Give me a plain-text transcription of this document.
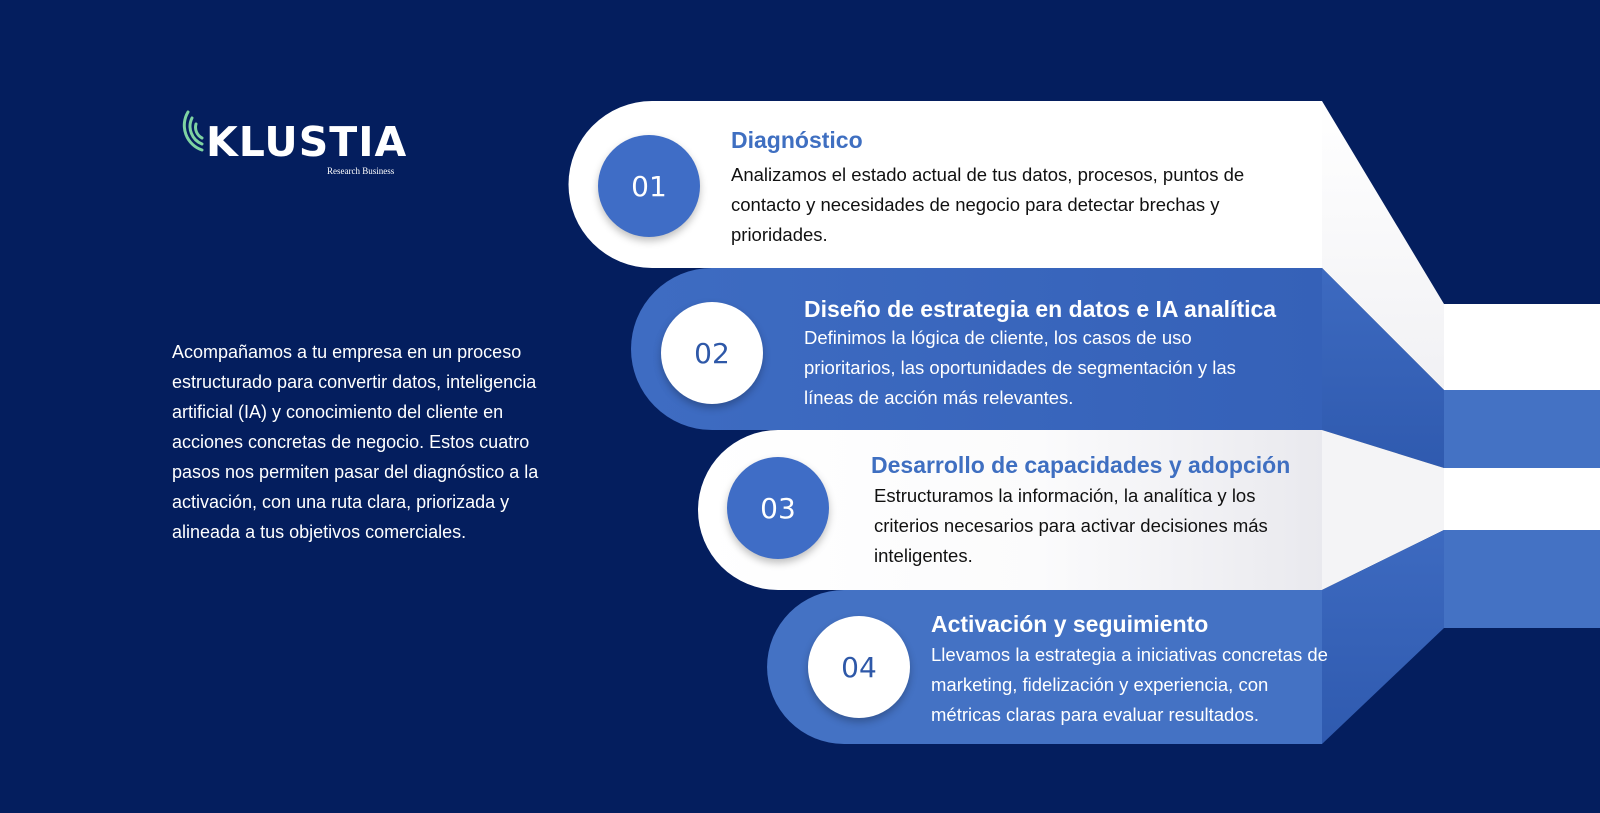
KLUSTIA
Research Business

Acompañamos a tu empresa en un proceso estructurado para convertir datos, inteligencia artificial (IA) y conocimiento del cliente en acciones concretas de negocio. Estos cuatro pasos nos permiten pasar del diagnóstico a la activación, con una ruta clara, priorizada y alineada a tus objetivos comerciales.

01
Diagnóstico
Analizamos el estado actual de tus datos, procesos, puntos de contacto y necesidades de negocio para detectar brechas y prioridades.
02
Diseño de estrategia en datos e IA analítica
Definimos la lógica de cliente, los casos de uso prioritarios, las oportunidades de segmentación y las líneas de acción más relevantes.
03
Desarrollo de capacidades y adopción
Estructuramos la información, la analítica y los criterios necesarios para activar decisiones más inteligentes.
04
Activación y seguimiento
Llevamos la estrategia a iniciativas concretas de marketing, fidelización y experiencia, con métricas claras para evaluar resultados.
